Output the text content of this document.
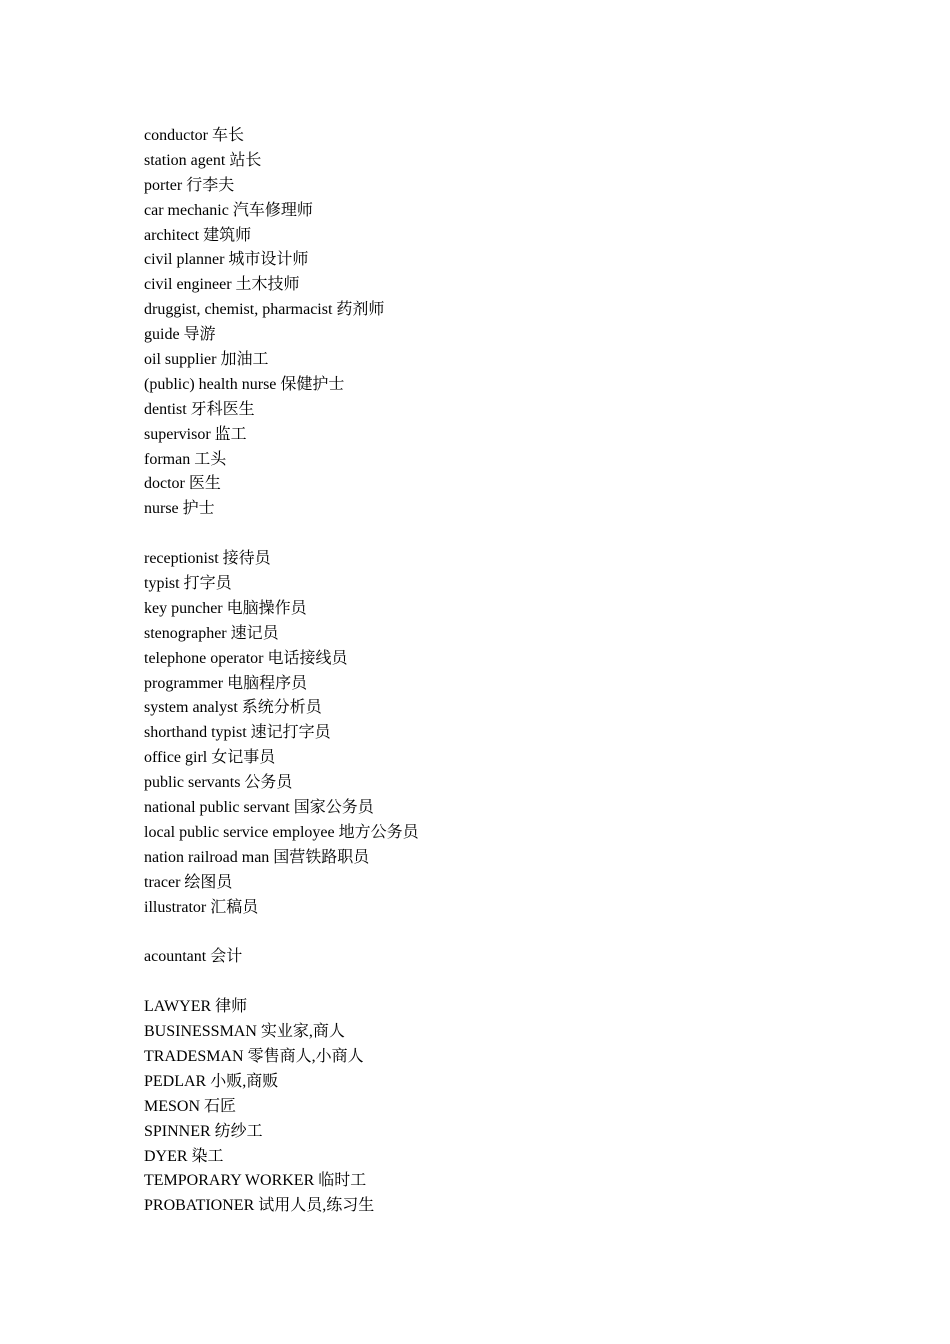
conductor 车长
station agent 站长
porter 行李夫
car mechanic 汽车修理师
architect 建筑师
civil planner 城市设计师
civil engineer 土木技师
druggist, chemist, pharmacist 药剂师
guide 导游
oil supplier 加油工
(public) health nurse 保健护士
dentist 牙科医生
supervisor 监工
forman 工头
doctor 医生
nurse 护士
receptionist 接待员
typist 打字员
key puncher 电脑操作员
stenographer 速记员
telephone operator 电话接线员
programmer 电脑程序员
system analyst 系统分析员
shorthand typist 速记打字员
office girl 女记事员
public servants 公务员
national public servant 国家公务员
local public service employee 地方公务员
nation railroad man 国营铁路职员
tracer 绘图员
illustrator 汇稿员
acountant 会计
LAWYER 律师
BUSINESSMAN 实业家,商人
TRADESMAN 零售商人,小商人
PEDLAR 小贩,商贩
MESON 石匠
SPINNER 纺纱工
DYER 染工
TEMPORARY WORKER 临时工
PROBATIONER 试用人员,练习生
